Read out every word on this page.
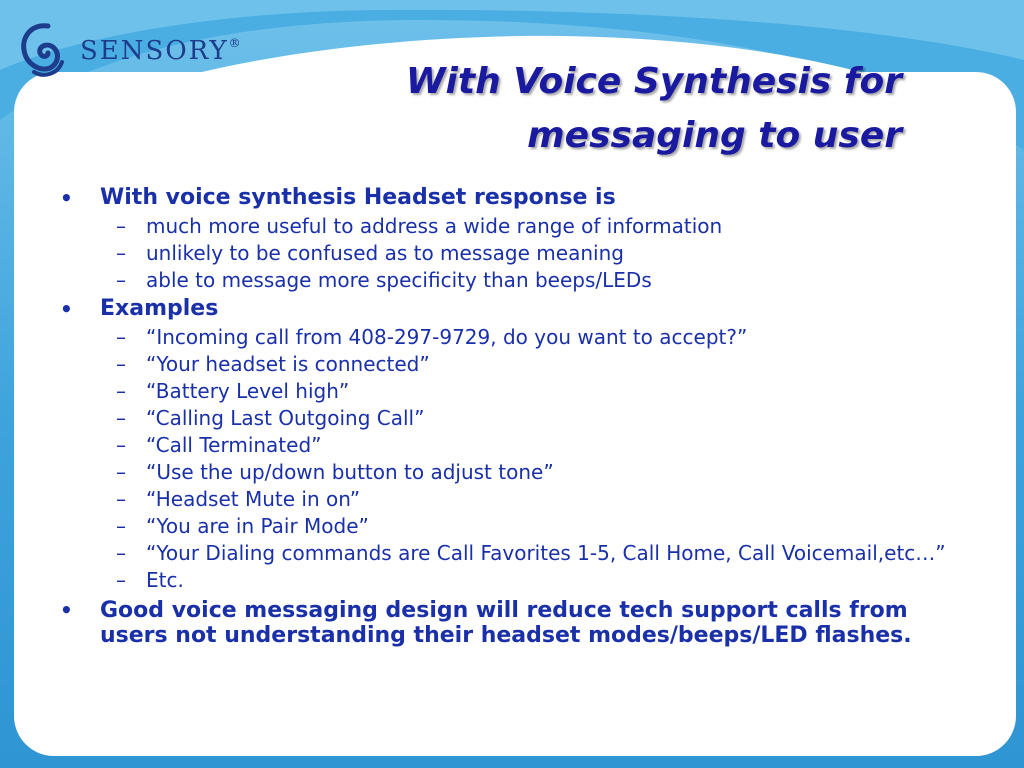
SENSORY®
With Voice Synthesis for
messaging to user
• With voice synthesis Headset response is
– much more useful to address a wide range of information
– unlikely to be confused as to message meaning
– able to message more specificity than beeps/LEDs
• Examples
– “Incoming call from 408-297-9729, do you want to accept?”
– “Your headset is connected”
– “Battery Level high”
– “Calling Last Outgoing Call”
– “Call Terminated”
– “Use the up/down button to adjust tone”
– “Headset Mute in on”
– “You are in Pair Mode”
– “Your Dialing commands are Call Favorites 1-5, Call Home, Call Voicemail,etc…”
– Etc.
• Good voice messaging design will reduce tech support calls from users not understanding their headset modes/beeps/LED flashes.
